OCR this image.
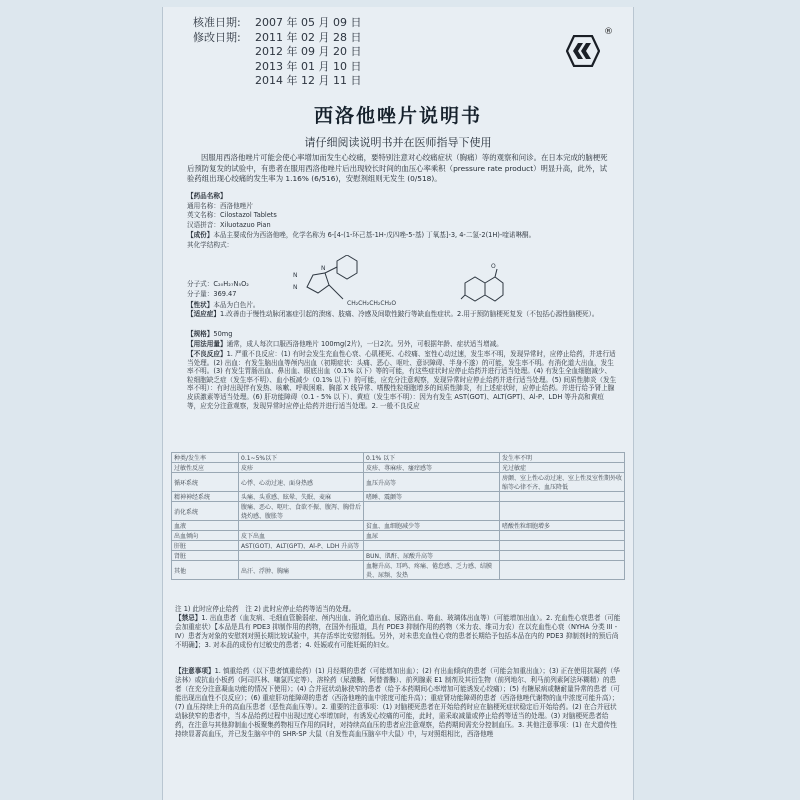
核准日期: 2007 年 05 月 09 日
修改日期: 2011 年 02 月 28 日
2012 年 09 月 20 日
2013 年 01 月 10 日
2014 年 12 月 11 日
®
西洛他唑片说明书
请仔细阅读说明书并在医师指导下使用
因服用西洛他唑片可能会使心率增加而发生心绞痛，要特别注意对心绞痛症状（胸痛）等的观察和问诊。在日本完成的脑梗死后预防复发的试验中，有患者在服用西洛他唑片后出现较长时间的血压心率乘积（pressure rate product）明显升高，此外，试验药组出现心绞痛的发生率为 1.16% (6/516)，安慰剂组则无发生 (0/518)。
【药品名称】
通用名称：西洛他唑片
英文名称：Cilostazol Tablets
汉语拼音：Xiluotazuo Pian
【成份】本品主要成份为西洛他唑，化学名称为 6-[4-(1-环己基-1H-戊四唑-5-基) 丁氧基]-3, 4-二氢-2(1H)-喹诺啉酮。
其化学结构式：
N
N
N
CH₂CH₂CH₂CH₂O
O
分子式：C₂₀H₂₇N₅O₂
分子量：369.47
【性状】本品为白色片。
【适应症】1.改善由于慢性动脉闭塞症引起的溃疡、肢痛、冷感及间歇性跛行等缺血性症状。2.用于预防脑梗死复发（不包括心源性脑梗死）。
【规格】50mg
【用法用量】通常，成人每次口服西洛他唑片 100mg(2片)，一日2次。另外，可根据年龄、症状适当增减。
【不良反应】1. 严重不良反应：(1) 有时会发生充血性心衰、心肌梗死、心绞痛、室性心动过速，发生率不明，发现异常时，应停止给药，并进行适当处理。(2) 出血：有发生脑出血等颅内出血（初期症状：头痛、恶心、呕吐、意识障碍、半身不遂）的可能，发生率不明。有消化道大出血，发生率不明。(3) 有发生胃肠出血、鼻出血、眼底出血（0.1% 以下）等的可能，有这些症状时应停止给药并进行适当处理。(4) 有发生全血细胞减少、粒细胞缺乏症（发生率不明）、血小板减少（0.1% 以下）的可能，应充分注意观察，发现异常时应停止给药并进行适当处理。(5) 间质性肺炎（发生率不明）：有时出现伴有发热、咳嗽、呼吸困难、胸部 X 线异常、嗜酸性粒细胞增多的间质性肺炎，有上述症状时，应停止给药。并进行给予肾上腺皮质激素等适当处理。(6) 肝功能障碍（0.1 - 5% 以下）、黄疸（发生率不明）：因为有发生 AST(GOT)、ALT(GPT)、Al-P、LDH 等升高和黄疸等，应充分注意观察，发现异常时应停止给药并进行适当处理。2. 一般不良反应
种类/发生率	0.1~5%以下	0.1% 以下	发生率不明
过敏性反应	皮疹	皮疹、荨麻疹、瘙痒感等	光过敏症
循环系统	心悸、心动过速、面身热感	血压升高等	房颤、室上性心动过速、室上性及室性期外收缩等心律不齐、血压降低
精神神经系统	头痛、头重感、眩晕、失眠、麦麻	嗜睡、震颤等	
消化系统	腹痛、恶心、呕吐、食欲不振、腹泻、胸骨后烧灼感、腹胀等		
血液		贫血、血细胞减少等	嗜酸性粒细胞增多
出血倾向	皮下出血	血尿	
肝脏	AST(GOT)、ALT(GPT)、Al-P、LDH 升高等		
肾脏		BUN、肌酐、尿酸升高等	
其他	出汗、浮肿、胸痛	血糖升高、耳鸣、疼痛、倦怠感、乏力感、结膜炎、尿频、发热	
注 1) 此时应停止给药　注 2) 此时应停止给药等适当的处理。
【禁忌】1. 出血患者（血友病、毛细血管脆弱症、颅内出血、消化道出血、尿路出血、咯血、玻璃体出血等）（可能增加出血）。2. 充血性心衰患者（可能会加重症状）【本品是具有 PDE3 抑制作用的药物，在国外有报道，具有 PDE3 抑制作用的药物（米力农、维司力农）在以充血性心衰（NYHA 分类 III - IV）患者为对象的安慰剂对照长期比较试验中，其存活率比安慰剂低。另外，对未患充血性心衰的患者长期给予包括本品在内的 PDE3 抑制剂时的预后尚不明确】；3. 对本品的成份有过敏史的患者；4. 妊娠或有可能妊娠的妇女。
【注意事项】1. 慎重给药（以下患者慎重给药）(1) 月经期的患者（可能增加出血）；(2) 有出血倾向的患者（可能会加重出血）；(3) 正在使用抗凝药（华法林）或抗血小板药（阿司匹林、噻氯匹定等）、溶栓药（尿激酶、阿替普酶）、前列腺素 E1 制剂及其衍生物（前列地尔、利马前列素阿法环糊精）的患者（在充分注意凝血功能的情况下使用）；(4) 合并冠状动脉狭窄的患者（给予本药期间心率增加可能诱发心绞痛）；(5) 有糖尿病或糖耐量异常的患者（可能出现出血性不良反应）；(6) 重症肝功能障碍的患者（西洛他唑的血中浓度可能升高）；重症肾功能障碍的患者（西洛他唑代谢物的血中浓度可能升高）；(7) 血压持续上升的高血压患者（恶性高血压等）。2. 重要的注意事项：(1) 对脑梗死患者在开始给药时应在脑梗死症状稳定后开始给药。(2) 在合并冠状动脉狭窄的患者中，当本品给药过程中出现过度心率增加时，有诱发心绞痛的可能，此时，需采取减量或停止给药等适当的处理。(3) 对脑梗死患者给药，在注意与其他抑制血小板聚集药物相互作用的同时，对持续高血压的患者应注意观察，给药期间需充分控制血压。3. 其他注意事项：(1) 在犬遗传性持续显著高血压，并已发生脑卒中的 SHR-SP 大鼠（自发性高血压脑卒中大鼠）中，与对照组相比，西洛他唑
